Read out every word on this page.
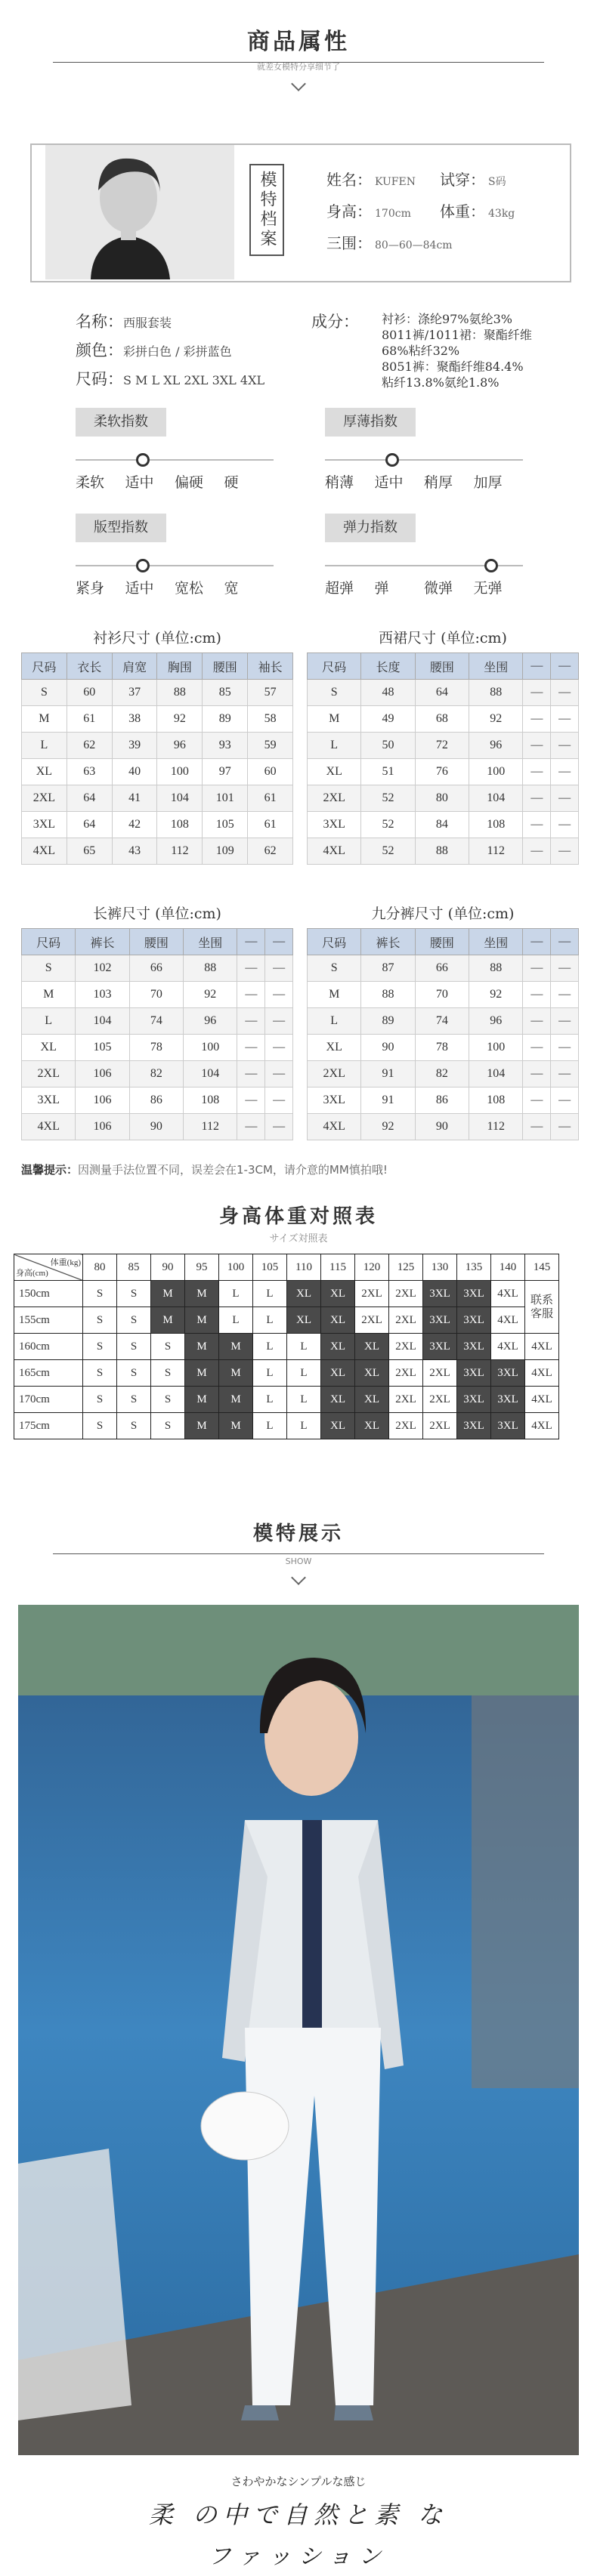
商品属性
就差女模特分享细节了
模特档案	姓名： KUFEN 试穿： S码
身高： 170cm 体重： 43kg
三围： 80—60—84cm
名称：西服套装
颜色：彩拼白色 / 彩拼蓝色
尺码：S M L XL 2XL 3XL 4XL
成分： 衬衫：涤纶97%氨纶3%
8011裤/1011裙：聚酯纤维
68%粘纤32%
8051裤：聚酯纤维84.4%
粘纤13.8%氨纶1.8%
柔软指数
柔软 适中 偏硬 硬
厚薄指数
稍薄 适中 稍厚 加厚
版型指数
紧身 适中 宽松 宽
弹力指数
超弹 弹 微弹 无弹
衬衫尺寸 (单位:cm)
尺码	衣长	肩宽	胸围	腰围	袖长
S	60	37	88	85	57
M	61	38	92	89	58
L	62	39	96	93	59
XL	63	40	100	97	60
2XL	64	41	104	101	61
3XL	64	42	108	105	61
4XL	65	43	112	109	62
西裙尺寸 (单位:cm)
尺码	长度	腰围	坐围	—	—
S	48	64	88	—	—
M	49	68	92	—	—
L	50	72	96	—	—
XL	51	76	100	—	—
2XL	52	80	104	—	—
3XL	52	84	108	—	—
4XL	52	88	112	—	—
长裤尺寸 (单位:cm)
尺码	裤长	腰围	坐围	—	—
S	102	66	88	—	—
M	103	70	92	—	—
L	104	74	96	—	—
XL	105	78	100	—	—
2XL	106	82	104	—	—
3XL	106	86	108	—	—
4XL	106	90	112	—	—
九分裤尺寸 (单位:cm)
尺码	裤长	腰围	坐围	—	—
S	87	66	88	—	—
M	88	70	92	—	—
L	89	74	96	—	—
XL	90	78	100	—	—
2XL	91	82	104	—	—
3XL	91	86	108	—	—
4XL	92	90	112	—	—
温馨提示：因测量手法位置不同，误差会在1-3CM，请介意的MM慎拍哦!
身高体重对照表
サイズ対照表
体重(kg)
身高(cm)	80	85	90	95	100	105	110	115	120	125	130	135	140	145
150cm	S	S	M	M	L	L	XL	XL	2XL	2XL	3XL	3XL	4XL	联系客服
155cm	S	S	M	M	L	L	XL	XL	2XL	2XL	3XL	3XL	4XL	
160cm	S	S	S	M	M	L	L	XL	XL	2XL	3XL	3XL	4XL	4XL
165cm	S	S	S	M	M	L	L	XL	XL	2XL	2XL	3XL	3XL	4XL
170cm	S	S	S	M	M	L	L	XL	XL	2XL	2XL	3XL	3XL	4XL
175cm	S	S	S	M	M	L	L	XL	XL	2XL	2XL	3XL	3XL	4XL
模特展示
SHOW
さわやかなシンプルな感じ
柔 の中で自然と素 な
ファッション
